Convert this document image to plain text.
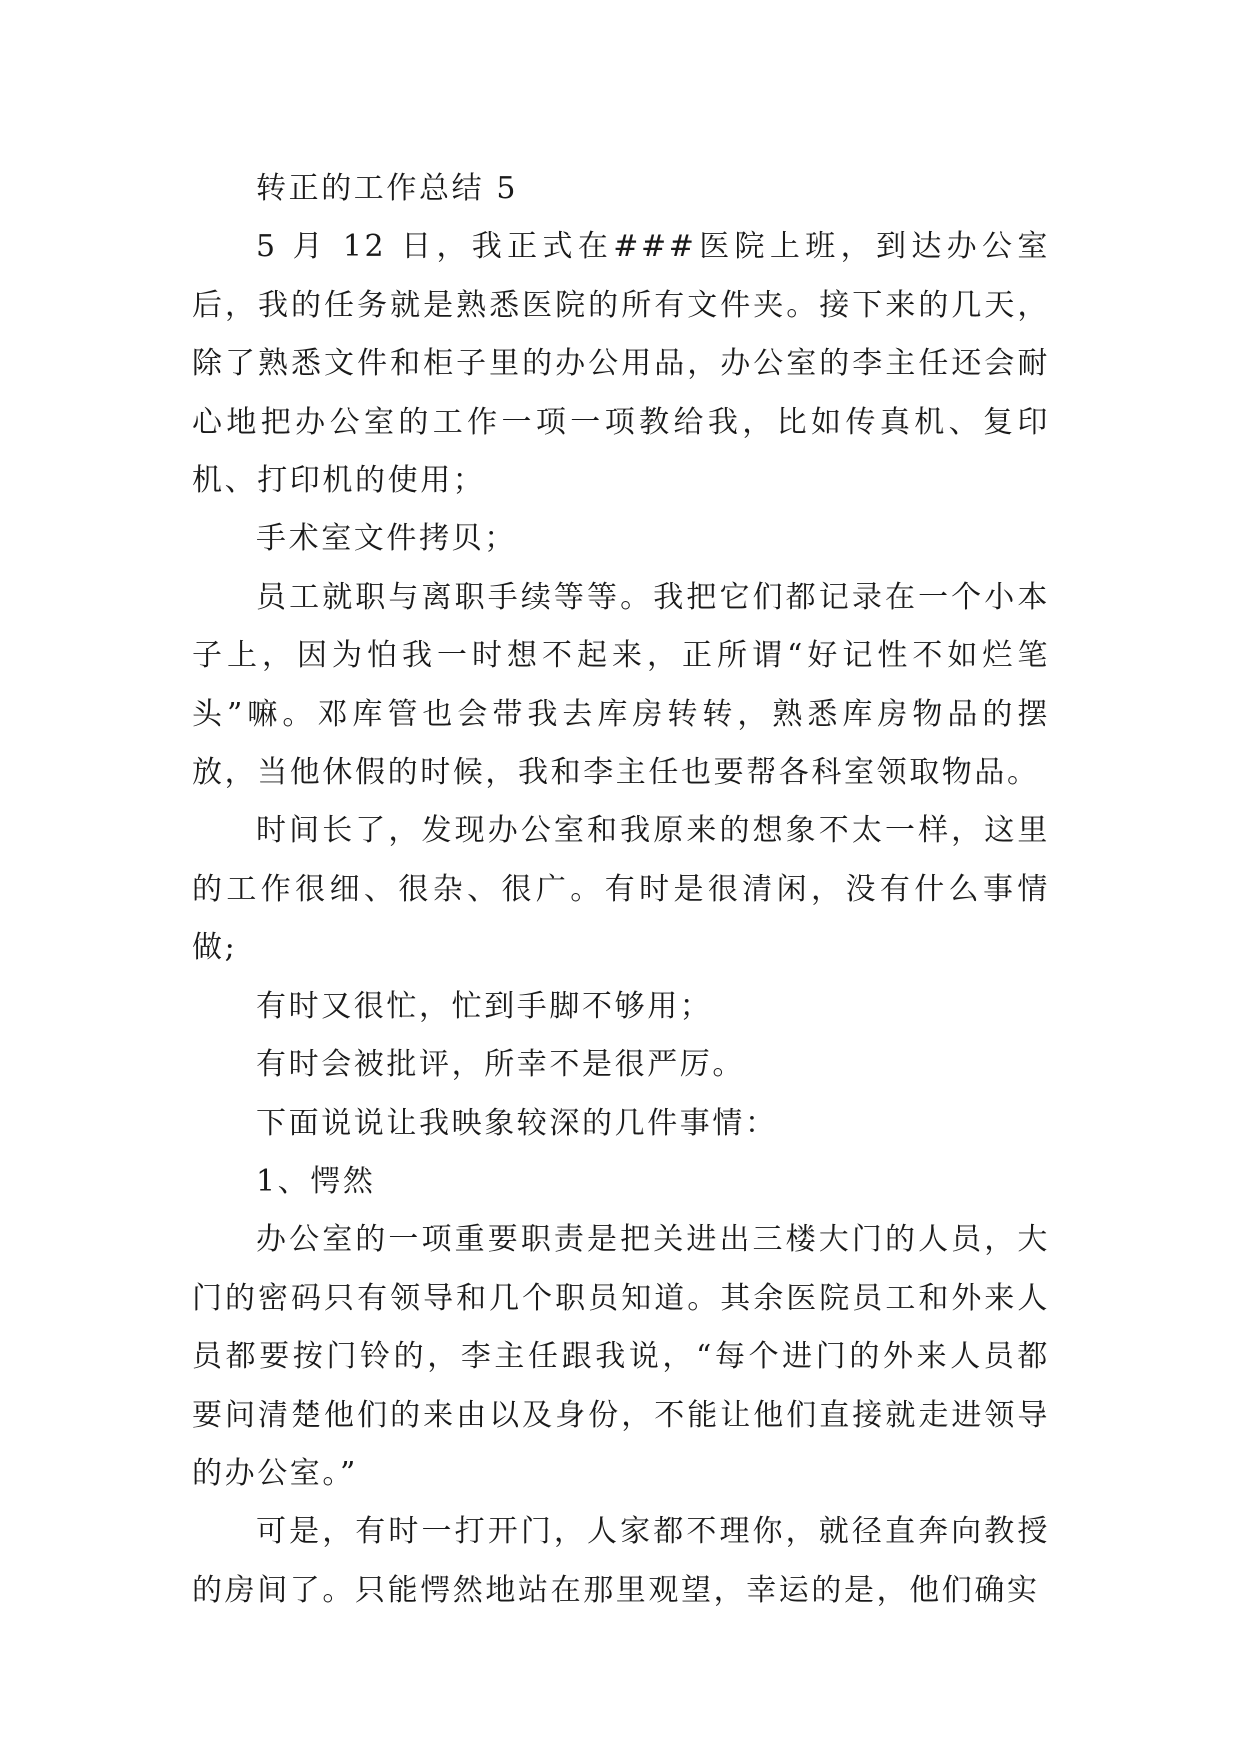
转正的工作总结 5

5 月 12 日，我正式在###医院上班，到达办公室后，我的任务就是熟悉医院的所有文件夹。接下来的几天，除了熟悉文件和柜子里的办公用品，办公室的李主任还会耐心地把办公室的工作一项一项教给我，比如传真机、复印机、打印机的使用；

手术室文件拷贝；

员工就职与离职手续等等。我把它们都记录在一个小本子上，因为怕我一时想不起来，正所谓“好记性不如烂笔头”嘛。邓库管也会带我去库房转转，熟悉库房物品的摆放，当他休假的时候，我和李主任也要帮各科室领取物品。

时间长了，发现办公室和我原来的想象不太一样，这里的工作很细、很杂、很广。有时是很清闲，没有什么事情做;

有时又很忙，忙到手脚不够用；

有时会被批评，所幸不是很严厉。

下面说说让我映象较深的几件事情：

1、愕然

办公室的一项重要职责是把关进出三楼大门的人员，大门的密码只有领导和几个职员知道。其余医院员工和外来人员都要按门铃的，李主任跟我说，“每个进门的外来人员都要问清楚他们的来由以及身份，不能让他们直接就走进领导的办公室。”

可是，有时一打开门，人家都不理你，就径直奔向教授的房间了。只能愕然地站在那里观望，幸运的是，他们确实
